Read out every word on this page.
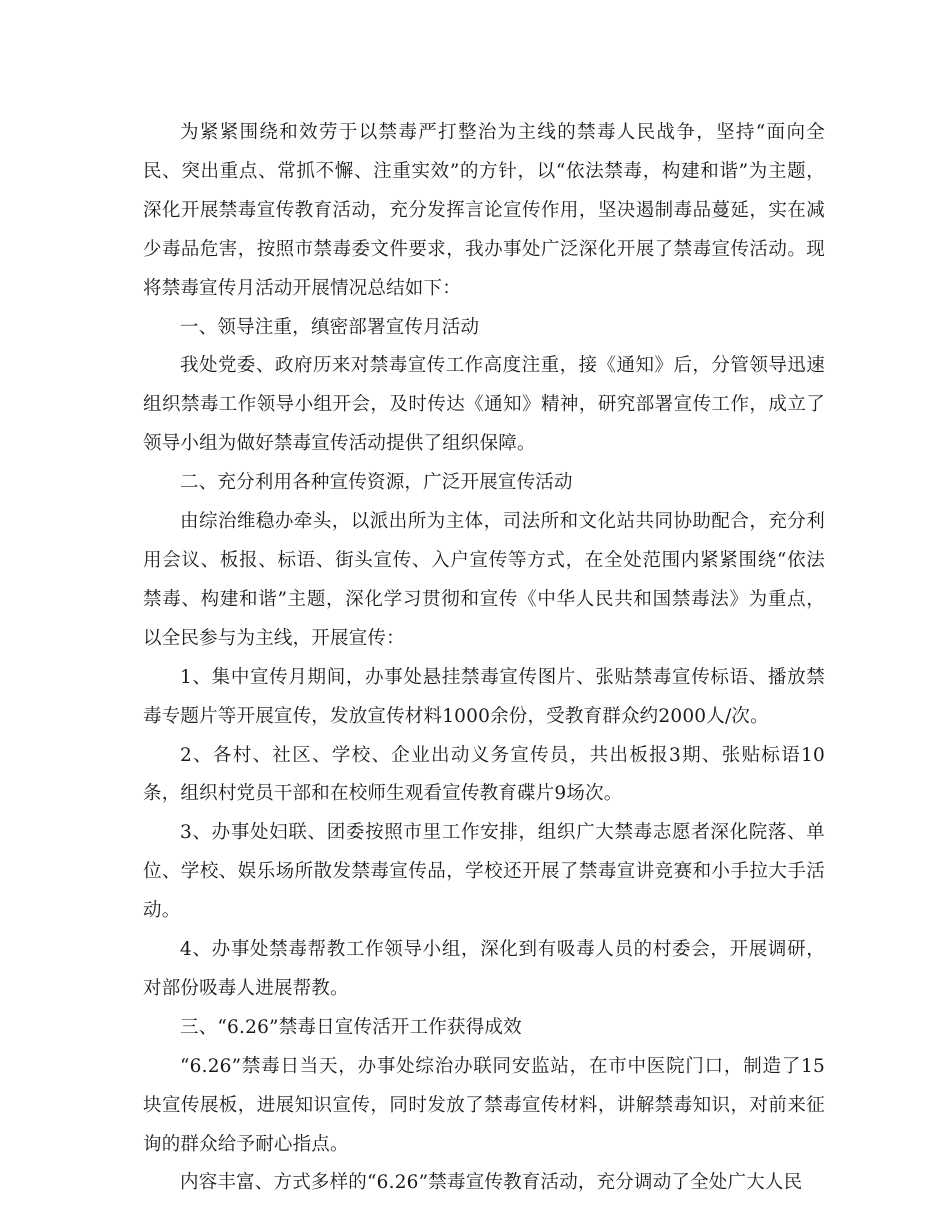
为紧紧围绕和效劳于以禁毒严打整治为主线的禁毒人民战争，坚持“面向全民、突出重点、常抓不懈、注重实效”的方针，以“依法禁毒，构建和谐”为主题，深化开展禁毒宣传教育活动，充分发挥言论宣传作用，坚决遏制毒品蔓延，实在减少毒品危害，按照市禁毒委文件要求，我办事处广泛深化开展了禁毒宣传活动。现将禁毒宣传月活动开展情况总结如下：

一、领导注重，缜密部署宣传月活动

我处党委、政府历来对禁毒宣传工作高度注重，接《通知》后，分管领导迅速组织禁毒工作领导小组开会，及时传达《通知》精神，研究部署宣传工作，成立了领导小组为做好禁毒宣传活动提供了组织保障。

二、充分利用各种宣传资源，广泛开展宣传活动

由综治维稳办牵头，以派出所为主体，司法所和文化站共同协助配合，充分利用会议、板报、标语、街头宣传、入户宣传等方式，在全处范围内紧紧围绕“依法禁毒、构建和谐”主题，深化学习贯彻和宣传《中华人民共和国禁毒法》为重点，以全民参与为主线，开展宣传：

1、集中宣传月期间，办事处悬挂禁毒宣传图片、张贴禁毒宣传标语、播放禁毒专题片等开展宣传，发放宣传材料1000余份，受教育群众约2000人/次。

2、各村、社区、学校、企业出动义务宣传员，共出板报3期、张贴标语10条，组织村党员干部和在校师生观看宣传教育碟片9场次。

3、办事处妇联、团委按照市里工作安排，组织广大禁毒志愿者深化院落、单位、学校、娱乐场所散发禁毒宣传品，学校还开展了禁毒宣讲竞赛和小手拉大手活动。

4、办事处禁毒帮教工作领导小组，深化到有吸毒人员的村委会，开展调研，对部份吸毒人进展帮教。

三、“6.26”禁毒日宣传活开工作获得成效

“6.26”禁毒日当天，办事处综治办联同安监站，在市中医院门口，制造了15块宣传展板，进展知识宣传，同时发放了禁毒宣传材料，讲解禁毒知识，对前来征询的群众给予耐心指点。

内容丰富、方式多样的“6.26”禁毒宣传教育活动，充分调动了全处广大人民
